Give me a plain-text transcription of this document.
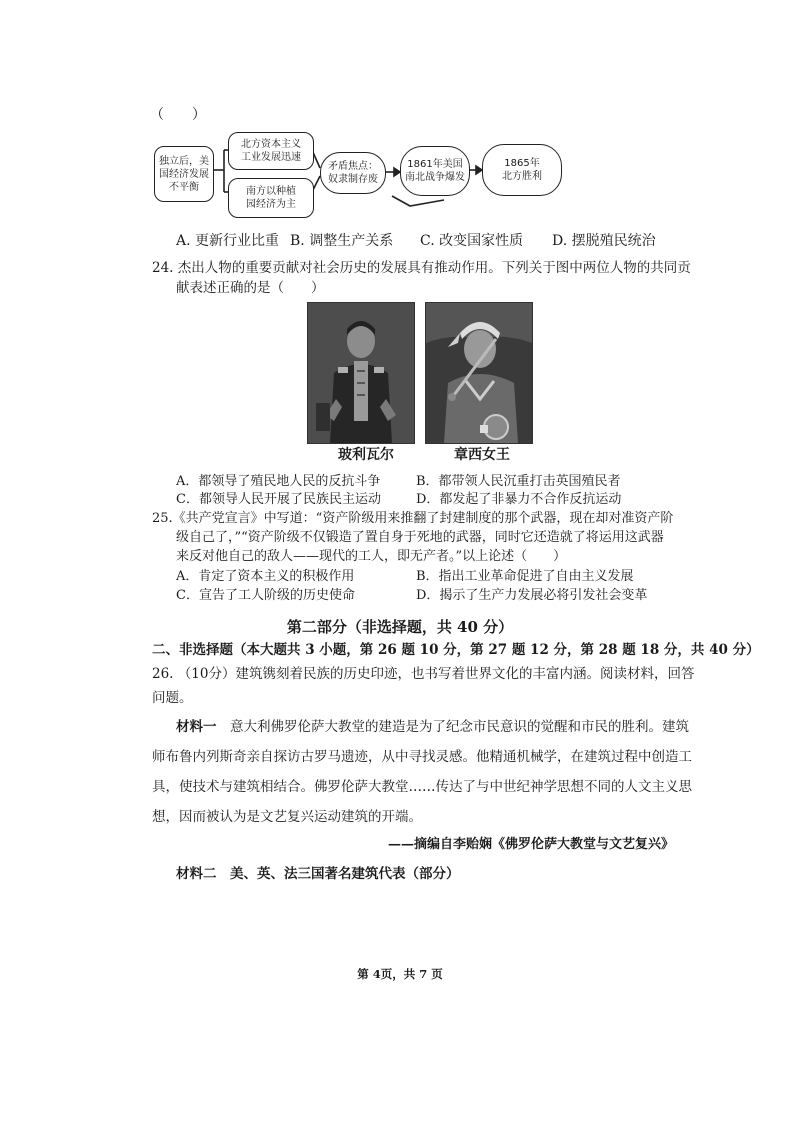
（　　）
独立后，美
国经济发展
不平衡
北方资本主义
工业发展迅速
南方以种植
园经济为主
矛盾焦点：
奴隶制存废
1861年美国
南北战争爆发
1865年
北方胜利
A. 更新行业比重 B. 调整生产关系 C. 改变国家性质 D. 摆脱殖民统治
24. 杰出人物的重要贡献对社会历史的发展具有推动作用。下列关于图中两位人物的共同贡
献表述正确的是（　　）
玻利瓦尔	章西女王
A．都领导了殖民地人民的反抗斗争	B．都带领人民沉重打击英国殖民者
C．都领导人民开展了民族民主运动	D．都发起了非暴力不合作反抗运动
25.《共产党宣言》中写道：“资产阶级用来推翻了封建制度的那个武器，现在却对准资产阶
级自己了，”“资产阶级不仅锻造了置自身于死地的武器，同时它还造就了将运用这武器
来反对他自己的敌人——现代的工人，即无产者。”以上论述（　　）
A．肯定了资本主义的积极作用	B．指出工业革命促进了自由主义发展
C．宣告了工人阶级的历史使命	D．揭示了生产力发展必将引发社会变革
第二部分（非选择题，共 40 分）
二、非选择题（本大题共 3 小题，第 26 题 10 分，第 27 题 12 分，第 28 题 18 分，共 40 分）
26. （10分）建筑镌刻着民族的历史印迹，也书写着世界文化的丰富内涵。阅读材料，回答
问题。
材料一　 意大利佛罗伦萨大教堂的建造是为了纪念市民意识的觉醒和市民的胜利。建筑
师布鲁内列斯奇亲自探访古罗马遗迹，从中寻找灵感。他精通机械学，在建筑过程中创造工
具，使技术与建筑相结合。佛罗伦萨大教堂……传达了与中世纪神学思想不同的人文主义思
想，因而被认为是文艺复兴运动建筑的开端。
——摘编自李贻娴《佛罗伦萨大教堂与文艺复兴》
材料二　美、英、法三国著名建筑代表（部分）
第 4页，共 7 页
